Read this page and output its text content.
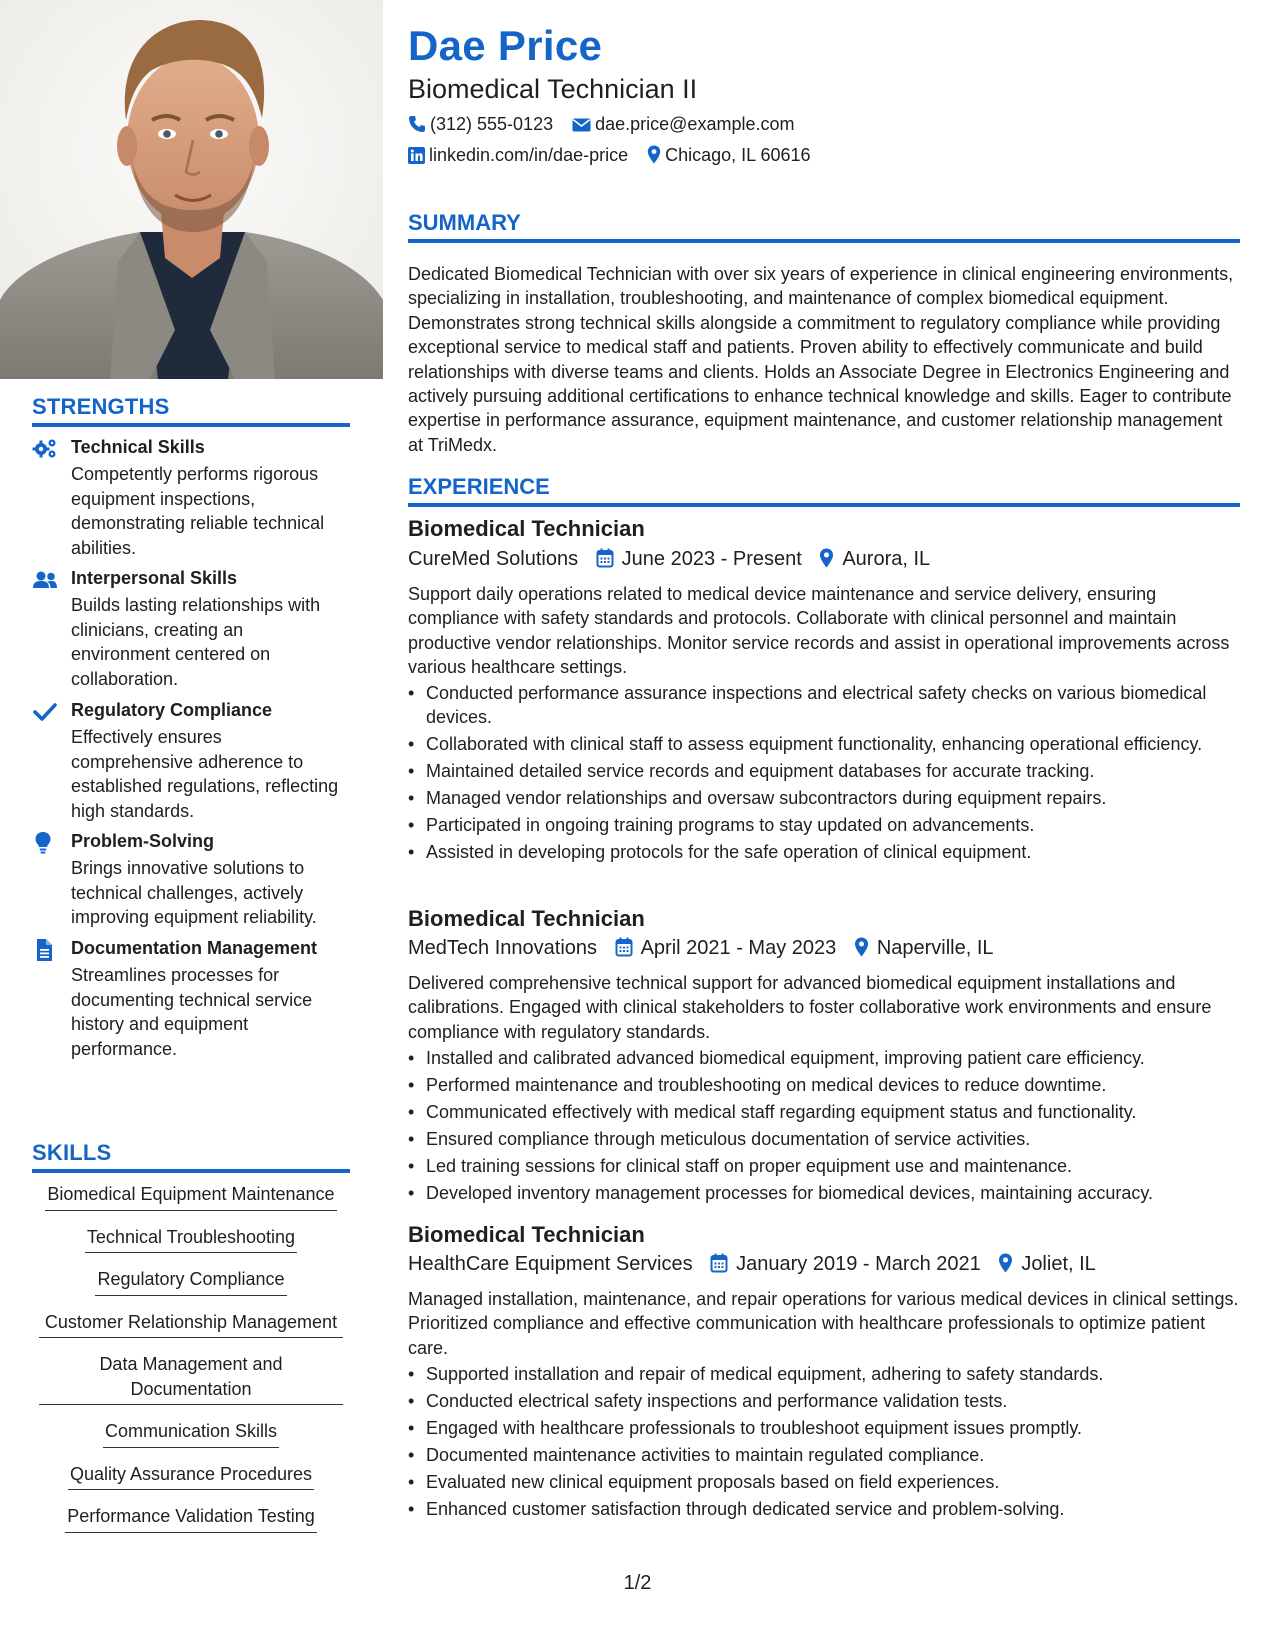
STRENGTHS
Technical Skills
Competently performs rigorous equipment inspections, demonstrating reliable technical abilities.
Interpersonal Skills
Builds lasting relationships with clinicians, creating an environment centered on collaboration.
Regulatory Compliance
Effectively ensures comprehensive adherence to established regulations, reflecting high standards.
Problem-Solving
Brings innovative solutions to technical challenges, actively improving equipment reliability.
Documentation Management
Streamlines processes for documenting technical service history and equipment performance.
SKILLS
Biomedical Equipment Maintenance
Technical Troubleshooting
Regulatory Compliance
Customer Relationship Management
Data Management and Documentation
Communication Skills
Quality Assurance Procedures
Performance Validation Testing
Dae Price
Biomedical Technician II
(312) 555-0123 dae.price@example.com
linkedin.com/in/dae-price Chicago, IL 60616
SUMMARY
Dedicated Biomedical Technician with over six years of experience in clinical engineering environments, specializing in installation, troubleshooting, and maintenance of complex biomedical equipment. Demonstrates strong technical skills alongside a commitment to regulatory compliance while providing exceptional service to medical staff and patients. Proven ability to effectively communicate and build relationships with diverse teams and clients. Holds an Associate Degree in Electronics Engineering and actively pursuing additional certifications to enhance technical knowledge and skills. Eager to contribute expertise in performance assurance, equipment maintenance, and customer relationship management at TriMedx.
EXPERIENCE
Biomedical Technician
CureMed Solutions June 2023 - Present Aurora, IL
Support daily operations related to medical device maintenance and service delivery, ensuring compliance with safety standards and protocols. Collaborate with clinical personnel and maintain productive vendor relationships. Monitor service records and assist in operational improvements across various healthcare settings.
• Conducted performance assurance inspections and electrical safety checks on various biomedical devices.
• Collaborated with clinical staff to assess equipment functionality, enhancing operational efficiency.
• Maintained detailed service records and equipment databases for accurate tracking.
• Managed vendor relationships and oversaw subcontractors during equipment repairs.
• Participated in ongoing training programs to stay updated on advancements.
• Assisted in developing protocols for the safe operation of clinical equipment.
Biomedical Technician
MedTech Innovations April 2021 - May 2023 Naperville, IL
Delivered comprehensive technical support for advanced biomedical equipment installations and calibrations. Engaged with clinical stakeholders to foster collaborative work environments and ensure compliance with regulatory standards.
• Installed and calibrated advanced biomedical equipment, improving patient care efficiency.
• Performed maintenance and troubleshooting on medical devices to reduce downtime.
• Communicated effectively with medical staff regarding equipment status and functionality.
• Ensured compliance through meticulous documentation of service activities.
• Led training sessions for clinical staff on proper equipment use and maintenance.
• Developed inventory management processes for biomedical devices, maintaining accuracy.
Biomedical Technician
HealthCare Equipment Services January 2019 - March 2021 Joliet, IL
Managed installation, maintenance, and repair operations for various medical devices in clinical settings. Prioritized compliance and effective communication with healthcare professionals to optimize patient care.
• Supported installation and repair of medical equipment, adhering to safety standards.
• Conducted electrical safety inspections and performance validation tests.
• Engaged with healthcare professionals to troubleshoot equipment issues promptly.
• Documented maintenance activities to maintain regulated compliance.
• Evaluated new clinical equipment proposals based on field experiences.
• Enhanced customer satisfaction through dedicated service and problem-solving.
1/2
